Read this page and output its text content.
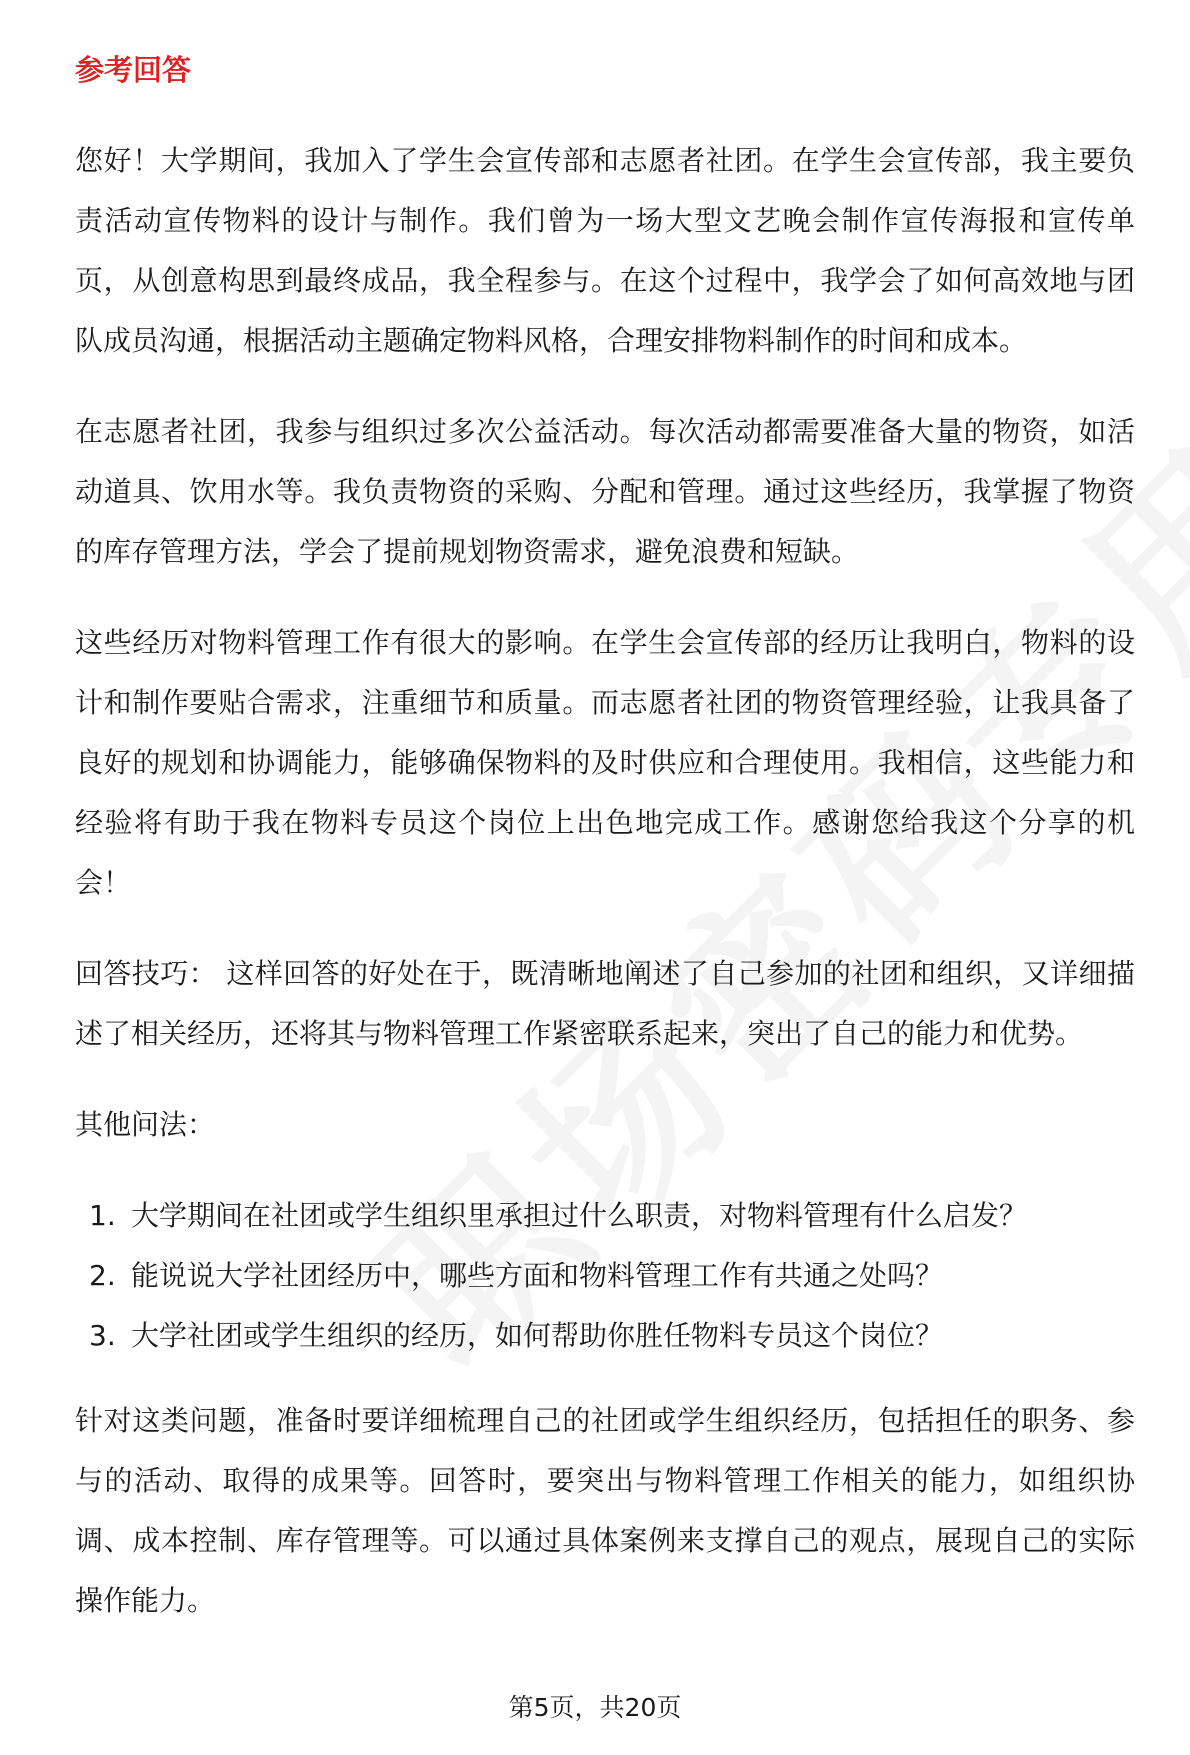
参考回答

您好！大学期间，我加入了学生会宣传部和志愿者社团。在学生会宣传部，我主要负责活动宣传物料的设计与制作。我们曾为一场大型文艺晚会制作宣传海报和宣传单页，从创意构思到最终成品，我全程参与。在这个过程中，我学会了如何高效地与团队成员沟通，根据活动主题确定物料风格，合理安排物料制作的时间和成本。

在志愿者社团，我参与组织过多次公益活动。每次活动都需要准备大量的物资，如活动道具、饮用水等。我负责物资的采购、分配和管理。通过这些经历，我掌握了物资的库存管理方法，学会了提前规划物资需求，避免浪费和短缺。

这些经历对物料管理工作有很大的影响。在学生会宣传部的经历让我明白，物料的设计和制作要贴合需求，注重细节和质量。而志愿者社团的物资管理经验，让我具备了良好的规划和协调能力，能够确保物料的及时供应和合理使用。我相信，这些能力和经验将有助于我在物料专员这个岗位上出色地完成工作。感谢您给我这个分享的机会！

回答技巧： 这样回答的好处在于，既清晰地阐述了自己参加的社团和组织，又详细描述了相关经历，还将其与物料管理工作紧密联系起来，突出了自己的能力和优势。

其他问法：

1. 大学期间在社团或学生组织里承担过什么职责，对物料管理有什么启发？
2. 能说说大学社团经历中，哪些方面和物料管理工作有共通之处吗？
3. 大学社团或学生组织的经历，如何帮助你胜任物料专员这个岗位？

针对这类问题，准备时要详细梳理自己的社团或学生组织经历，包括担任的职务、参与的活动、取得的成果等。回答时，要突出与物料管理工作相关的能力，如组织协调、成本控制、库存管理等。可以通过具体案例来支撑自己的观点，展现自己的实际操作能力。

第5页，共20页
